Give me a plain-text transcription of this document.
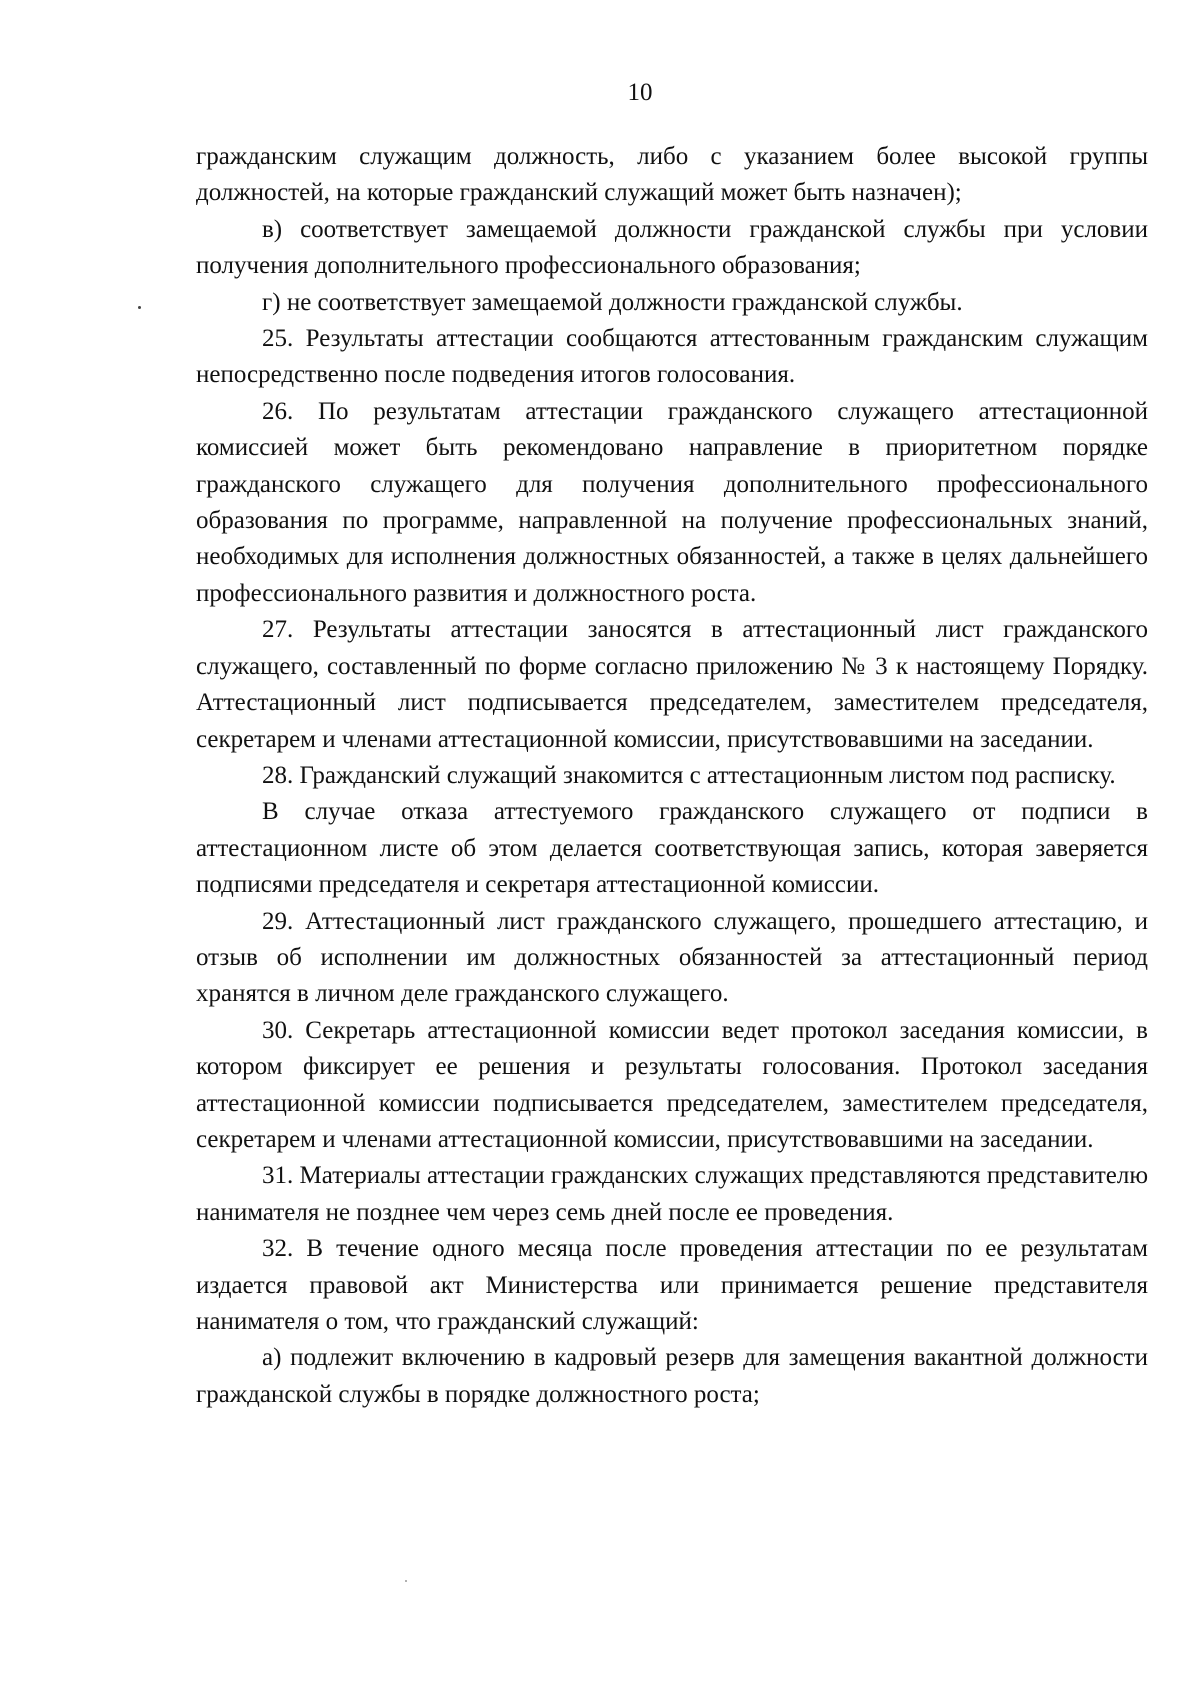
10

гражданским служащим должность, либо с указанием более высокой группы должностей, на которые гражданский служащий может быть назначен);

в) соответствует замещаемой должности гражданской службы при условии получения дополнительного профессионального образования;

г) не соответствует замещаемой должности гражданской службы.

25. Результаты аттестации сообщаются аттестованным гражданским служащим непосредственно после подведения итогов голосования.

26. По результатам аттестации гражданского служащего аттестационной комиссией может быть рекомендовано направление в приоритетном порядке гражданского служащего для получения дополнительного профессионального образования по программе, направленной на получение профессиональных знаний, необходимых для исполнения должностных обязанностей, а также в целях дальнейшего профессионального развития и должностного роста.

27. Результаты аттестации заносятся в аттестационный лист гражданского служащего, составленный по форме согласно приложению № 3 к настоящему Порядку. Аттестационный лист подписывается председателем, заместителем председателя, секретарем и членами аттестационной комиссии, присутствовавшими на заседании.

28. Гражданский служащий знакомится с аттестационным листом под расписку.

В случае отказа аттестуемого гражданского служащего от подписи в аттестационном листе об этом делается соответствующая запись, которая заверяется подписями председателя и секретаря аттестационной комиссии.

29. Аттестационный лист гражданского служащего, прошедшего аттестацию, и отзыв об исполнении им должностных обязанностей за аттестационный период хранятся в личном деле гражданского служащего.

30. Секретарь аттестационной комиссии ведет протокол заседания комиссии, в котором фиксирует ее решения и результаты голосования. Протокол заседания аттестационной комиссии подписывается председателем, заместителем председателя, секретарем и членами аттестационной комиссии, присутствовавшими на заседании.

31. Материалы аттестации гражданских служащих представляются представителю нанимателя не позднее чем через семь дней после ее проведения.

32. В течение одного месяца после проведения аттестации по ее результатам издается правовой акт Министерства или принимается решение представителя нанимателя о том, что гражданский служащий:

а) подлежит включению в кадровый резерв для замещения вакантной должности гражданской службы в порядке должностного роста;
